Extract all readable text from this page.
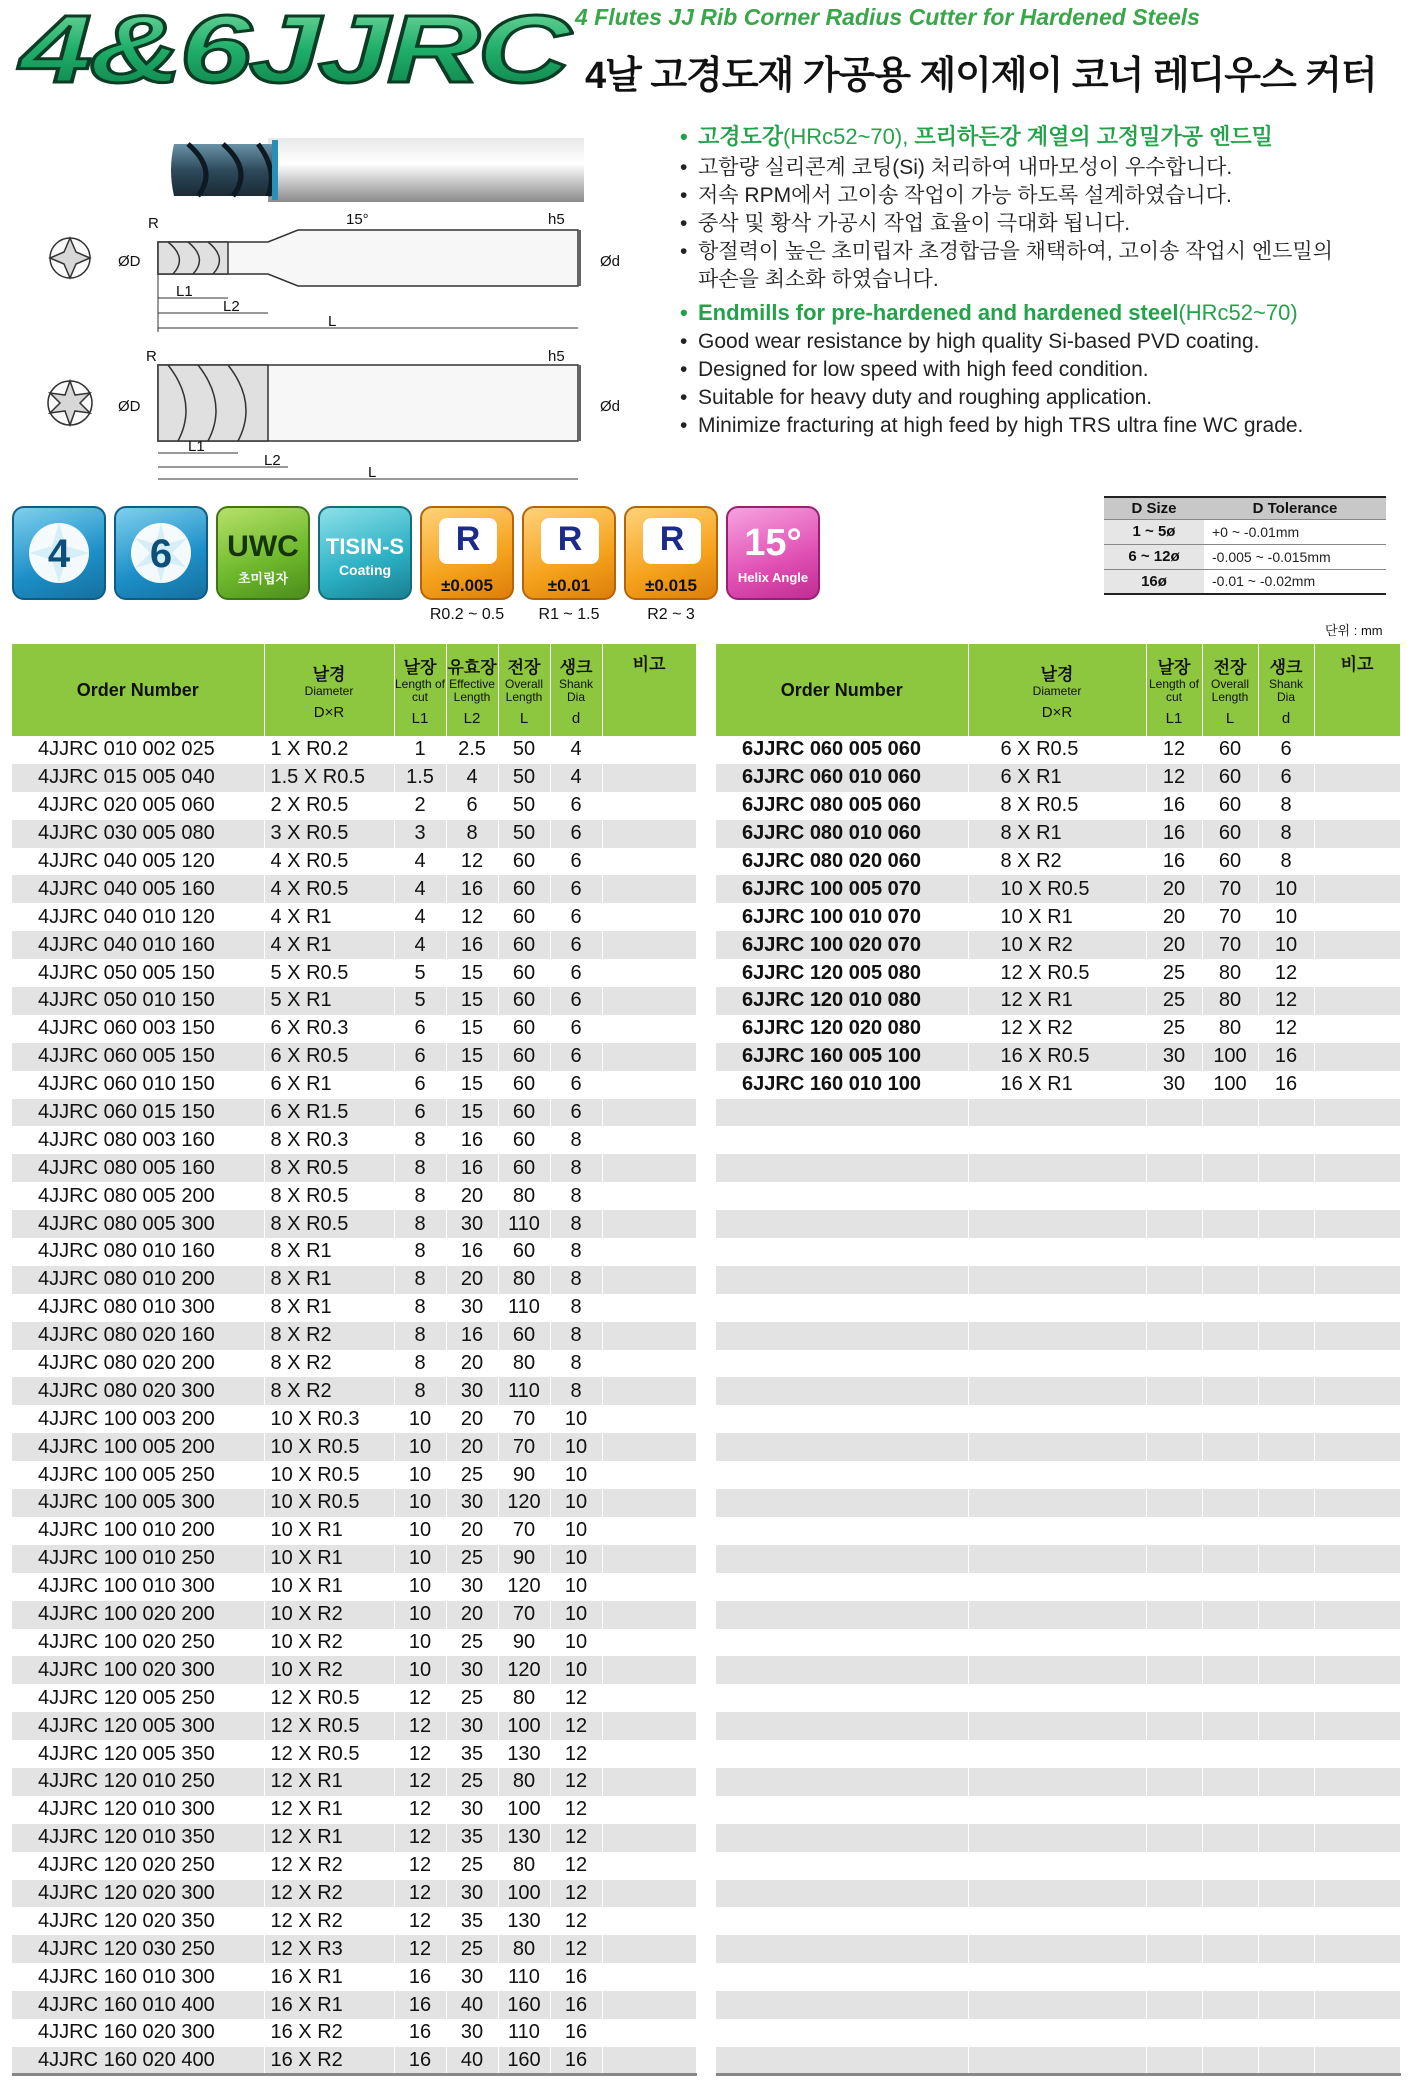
4&6JJRC 4 Flutes JJ Rib Corner Radius Cutter for Hardened Steels
4날 고경도재 가공용 제이제이 코너 레디우스 커터
R	15°	h5
ØD	Ød
L1
L2
L
R	h5
ØD	Ød
L1
L2
L
• 고경도강(HRc52~70), 프리하든강 계열의 고정밀가공 엔드밀
• 고함량 실리콘계 코팅(Si) 처리하여 내마모성이 우수합니다.
• 저속 RPM에서 고이송 작업이 가능 하도록 설계하였습니다.
• 중삭 및 황삭 가공시 작업 효율이 극대화 됩니다.
• 항절력이 높은 초미립자 초경합금을 채택하여, 고이송 작업시 엔드밀의
파손을 최소화 하였습니다.
• Endmills for pre-hardened and hardened steel(HRc52~70)
• Good wear resistance by high quality Si-based PVD coating.
• Designed for low speed with high feed condition.
• Suitable for heavy duty and roughing application.
• Minimize fracturing at high feed by high TRS ultra fine WC grade.
4	6	UWC
초미립자
TISIN-S
Coating
R
±0.005
R
±0.01
R
±0.015
15°
Helix Angle
R0.2 ~ 0.5	R1 ~ 1.5	R2 ~ 3
D Size	D Tolerance
1 ~ 5ø	+0 ~ -0.01mm
6 ~ 12ø	-0.005 ~ -0.015mm
16ø	-0.01 ~ -0.02mm
단위 : mm
Order Number	날경
Diameter
D×R	날장
Length of cut
L1	유효장
Effective Length
L2	전장
Overall Length
L	생크
Shank Dia
d	비고
4JJRC 010 002 025	1 X R0.2	1	2.5	50	4	
4JJRC 015 005 040	1.5 X R0.5	1.5	4	50	4	
4JJRC 020 005 060	2 X R0.5	2	6	50	6	
4JJRC 030 005 080	3 X R0.5	3	8	50	6	
4JJRC 040 005 120	4 X R0.5	4	12	60	6	
4JJRC 040 005 160	4 X R0.5	4	16	60	6	
4JJRC 040 010 120	4 X R1	4	12	60	6	
4JJRC 040 010 160	4 X R1	4	16	60	6	
4JJRC 050 005 150	5 X R0.5	5	15	60	6	
4JJRC 050 010 150	5 X R1	5	15	60	6	
4JJRC 060 003 150	6 X R0.3	6	15	60	6	
4JJRC 060 005 150	6 X R0.5	6	15	60	6	
4JJRC 060 010 150	6 X R1	6	15	60	6	
4JJRC 060 015 150	6 X R1.5	6	15	60	6	
4JJRC 080 003 160	8 X R0.3	8	16	60	8	
4JJRC 080 005 160	8 X R0.5	8	16	60	8	
4JJRC 080 005 200	8 X R0.5	8	20	80	8	
4JJRC 080 005 300	8 X R0.5	8	30	110	8	
4JJRC 080 010 160	8 X R1	8	16	60	8	
4JJRC 080 010 200	8 X R1	8	20	80	8	
4JJRC 080 010 300	8 X R1	8	30	110	8	
4JJRC 080 020 160	8 X R2	8	16	60	8	
4JJRC 080 020 200	8 X R2	8	20	80	8	
4JJRC 080 020 300	8 X R2	8	30	110	8	
4JJRC 100 003 200	10 X R0.3	10	20	70	10	
4JJRC 100 005 200	10 X R0.5	10	20	70	10	
4JJRC 100 005 250	10 X R0.5	10	25	90	10	
4JJRC 100 005 300	10 X R0.5	10	30	120	10	
4JJRC 100 010 200	10 X R1	10	20	70	10	
4JJRC 100 010 250	10 X R1	10	25	90	10	
4JJRC 100 010 300	10 X R1	10	30	120	10	
4JJRC 100 020 200	10 X R2	10	20	70	10	
4JJRC 100 020 250	10 X R2	10	25	90	10	
4JJRC 100 020 300	10 X R2	10	30	120	10	
4JJRC 120 005 250	12 X R0.5	12	25	80	12	
4JJRC 120 005 300	12 X R0.5	12	30	100	12	
4JJRC 120 005 350	12 X R0.5	12	35	130	12	
4JJRC 120 010 250	12 X R1	12	25	80	12	
4JJRC 120 010 300	12 X R1	12	30	100	12	
4JJRC 120 010 350	12 X R1	12	35	130	12	
4JJRC 120 020 250	12 X R2	12	25	80	12	
4JJRC 120 020 300	12 X R2	12	30	100	12	
4JJRC 120 020 350	12 X R2	12	35	130	12	
4JJRC 120 030 250	12 X R3	12	25	80	12	
4JJRC 160 010 300	16 X R1	16	30	110	16	
4JJRC 160 010 400	16 X R1	16	40	160	16	
4JJRC 160 020 300	16 X R2	16	30	110	16	
4JJRC 160 020 400	16 X R2	16	40	160	16	
Order Number	날경
Diameter
D×R	날장
Length of cut
L1	전장
Overall Length
L	생크
Shank Dia
d	비고
6JJRC 060 005 060	6 X R0.5	12	60	6	
6JJRC 060 010 060	6 X R1	12	60	6	
6JJRC 080 005 060	8 X R0.5	16	60	8	
6JJRC 080 010 060	8 X R1	16	60	8	
6JJRC 080 020 060	8 X R2	16	60	8	
6JJRC 100 005 070	10 X R0.5	20	70	10	
6JJRC 100 010 070	10 X R1	20	70	10	
6JJRC 100 020 070	10 X R2	20	70	10	
6JJRC 120 005 080	12 X R0.5	25	80	12	
6JJRC 120 010 080	12 X R1	25	80	12	
6JJRC 120 020 080	12 X R2	25	80	12	
6JJRC 160 005 100	16 X R0.5	30	100	16	
6JJRC 160 010 100	16 X R1	30	100	16	
